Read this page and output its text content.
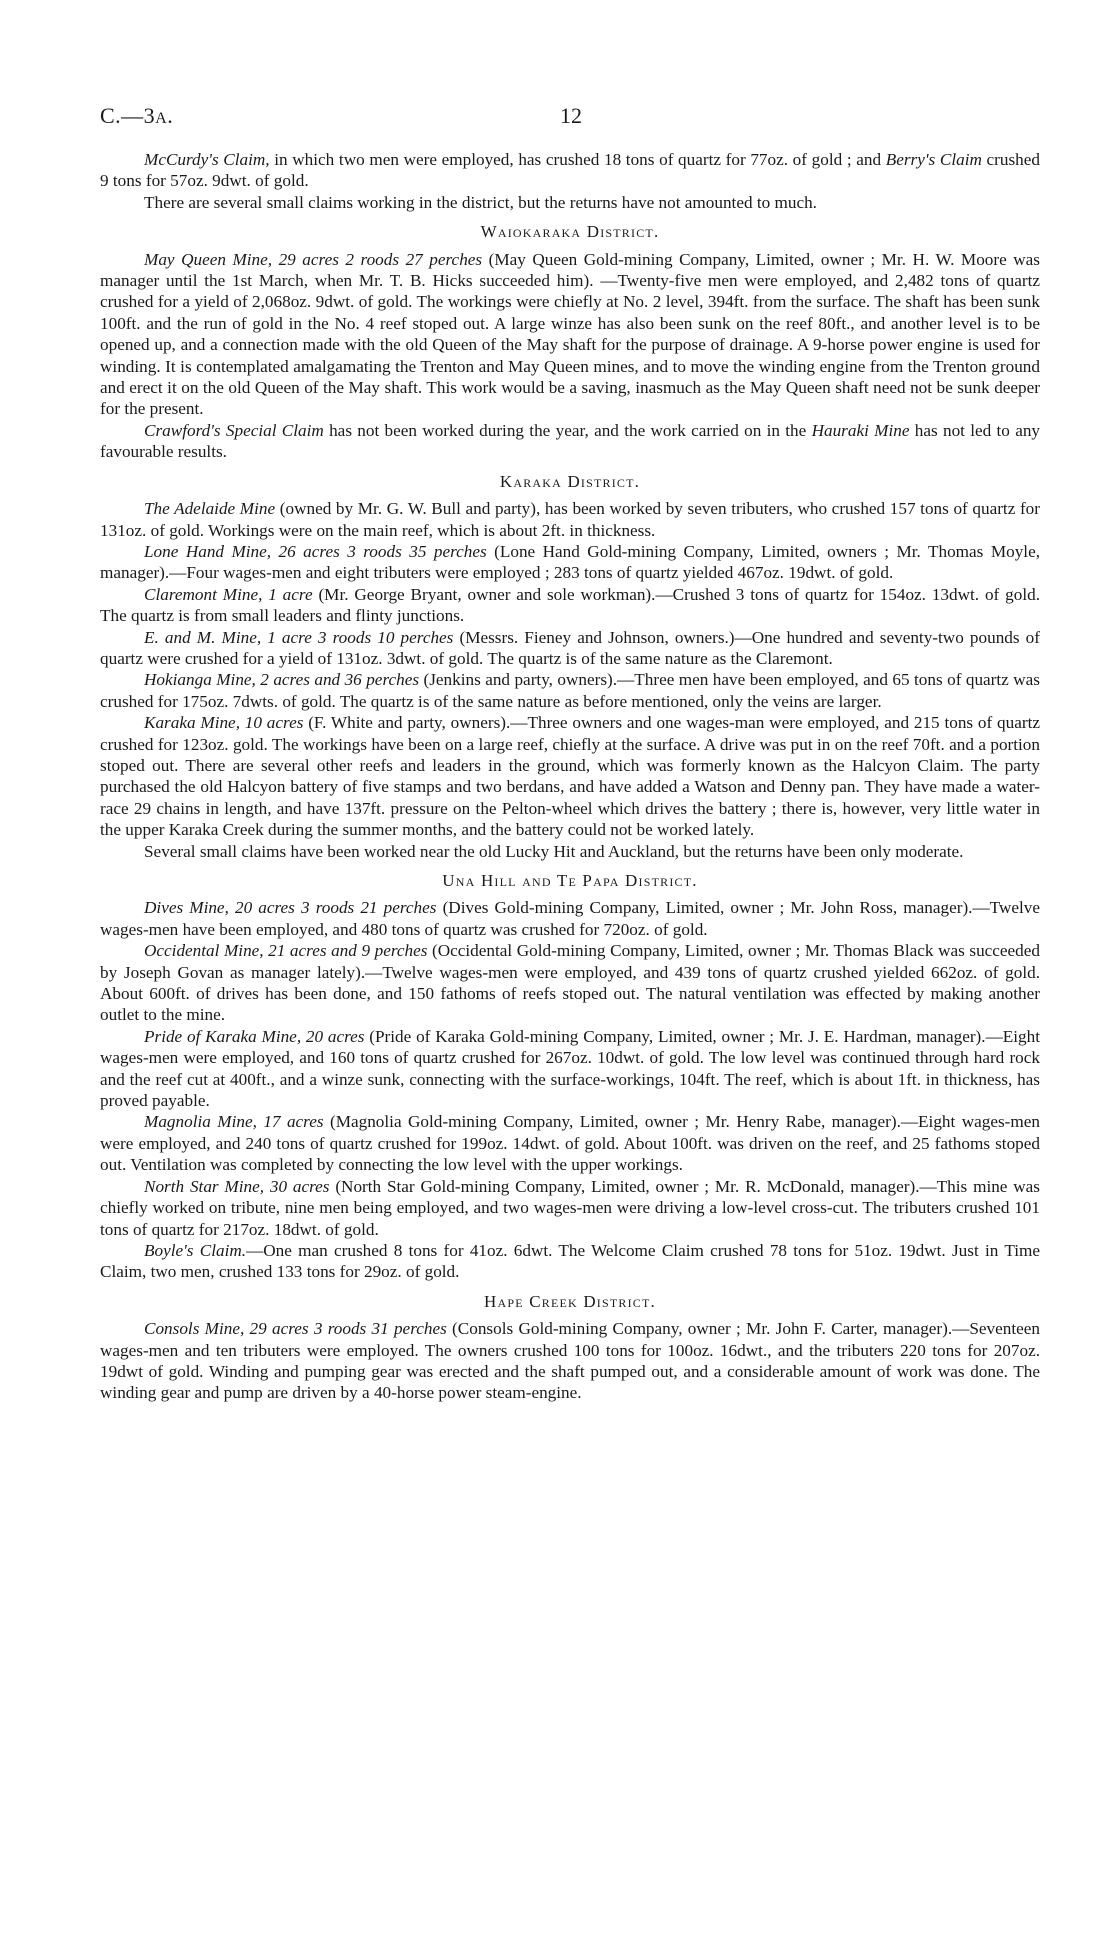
C.—3A.	12

McCurdy's Claim, in which two men were employed, has crushed 18 tons of quartz for 77oz. of gold ; and Berry's Claim crushed 9 tons for 57oz. 9dwt. of gold.

There are several small claims working in the district, but the returns have not amounted to much.

Waiokaraka District.

May Queen Mine, 29 acres 2 roods 27 perches (May Queen Gold-mining Company, Limited, owner ; Mr. H. W. Moore was manager until the 1st March, when Mr. T. B. Hicks succeeded him). —Twenty-five men were employed, and 2,482 tons of quartz crushed for a yield of 2,068oz. 9dwt. of gold. The workings were chiefly at No. 2 level, 394ft. from the surface. The shaft has been sunk 100ft. and the run of gold in the No. 4 reef stoped out. A large winze has also been sunk on the reef 80ft., and another level is to be opened up, and a connection made with the old Queen of the May shaft for the purpose of drainage. A 9-horse power engine is used for winding. It is contemplated amalgamating the Trenton and May Queen mines, and to move the winding engine from the Trenton ground and erect it on the old Queen of the May shaft. This work would be a saving, inasmuch as the May Queen shaft need not be sunk deeper for the present.

Crawford's Special Claim has not been worked during the year, and the work carried on in the Hauraki Mine has not led to any favourable results.

Karaka District.

The Adelaide Mine (owned by Mr. G. W. Bull and party), has been worked by seven tributers, who crushed 157 tons of quartz for 131oz. of gold. Workings were on the main reef, which is about 2ft. in thickness.

Lone Hand Mine, 26 acres 3 roods 35 perches (Lone Hand Gold-mining Company, Limited, owners ; Mr. Thomas Moyle, manager).—Four wages-men and eight tributers were employed ; 283 tons of quartz yielded 467oz. 19dwt. of gold.

Claremont Mine, 1 acre (Mr. George Bryant, owner and sole workman).—Crushed 3 tons of quartz for 154oz. 13dwt. of gold. The quartz is from small leaders and flinty junctions.

E. and M. Mine, 1 acre 3 roods 10 perches (Messrs. Fieney and Johnson, owners.)—One hundred and seventy-two pounds of quartz were crushed for a yield of 131oz. 3dwt. of gold. The quartz is of the same nature as the Claremont.

Hokianga Mine, 2 acres and 36 perches (Jenkins and party, owners).—Three men have been employed, and 65 tons of quartz was crushed for 175oz. 7dwts. of gold. The quartz is of the same nature as before mentioned, only the veins are larger.

Karaka Mine, 10 acres (F. White and party, owners).—Three owners and one wages-man were employed, and 215 tons of quartz crushed for 123oz. gold. The workings have been on a large reef, chiefly at the surface. A drive was put in on the reef 70ft. and a portion stoped out. There are several other reefs and leaders in the ground, which was formerly known as the Halcyon Claim. The party purchased the old Halcyon battery of five stamps and two berdans, and have added a Watson and Denny pan. They have made a water-race 29 chains in length, and have 137ft. pressure on the Pelton-wheel which drives the battery ; there is, however, very little water in the upper Karaka Creek during the summer months, and the battery could not be worked lately.

Several small claims have been worked near the old Lucky Hit and Auckland, but the returns have been only moderate.

Una Hill and Te Papa District.

Dives Mine, 20 acres 3 roods 21 perches (Dives Gold-mining Company, Limited, owner ; Mr. John Ross, manager).—Twelve wages-men have been employed, and 480 tons of quartz was crushed for 720oz. of gold.

Occidental Mine, 21 acres and 9 perches (Occidental Gold-mining Company, Limited, owner ; Mr. Thomas Black was succeeded by Joseph Govan as manager lately).—Twelve wages-men were employed, and 439 tons of quartz crushed yielded 662oz. of gold. About 600ft. of drives has been done, and 150 fathoms of reefs stoped out. The natural ventilation was effected by making another outlet to the mine.

Pride of Karaka Mine, 20 acres (Pride of Karaka Gold-mining Company, Limited, owner ; Mr. J. E. Hardman, manager).—Eight wages-men were employed, and 160 tons of quartz crushed for 267oz. 10dwt. of gold. The low level was continued through hard rock and the reef cut at 400ft., and a winze sunk, connecting with the surface-workings, 104ft. The reef, which is about 1ft. in thickness, has proved payable.

Magnolia Mine, 17 acres (Magnolia Gold-mining Company, Limited, owner ; Mr. Henry Rabe, manager).—Eight wages-men were employed, and 240 tons of quartz crushed for 199oz. 14dwt. of gold. About 100ft. was driven on the reef, and 25 fathoms stoped out. Ventilation was completed by connecting the low level with the upper workings.

North Star Mine, 30 acres (North Star Gold-mining Company, Limited, owner ; Mr. R. McDonald, manager).—This mine was chiefly worked on tribute, nine men being employed, and two wages-men were driving a low-level cross-cut. The tributers crushed 101 tons of quartz for 217oz. 18dwt. of gold.

Boyle's Claim.—One man crushed 8 tons for 41oz. 6dwt. The Welcome Claim crushed 78 tons for 51oz. 19dwt. Just in Time Claim, two men, crushed 133 tons for 29oz. of gold.

Hape Creek District.

Consols Mine, 29 acres 3 roods 31 perches (Consols Gold-mining Company, owner ; Mr. John F. Carter, manager).—Seventeen wages-men and ten tributers were employed. The owners crushed 100 tons for 100oz. 16dwt., and the tributers 220 tons for 207oz. 19dwt of gold. Winding and pumping gear was erected and the shaft pumped out, and a considerable amount of work was done. The winding gear and pump are driven by a 40-horse power steam-engine.
